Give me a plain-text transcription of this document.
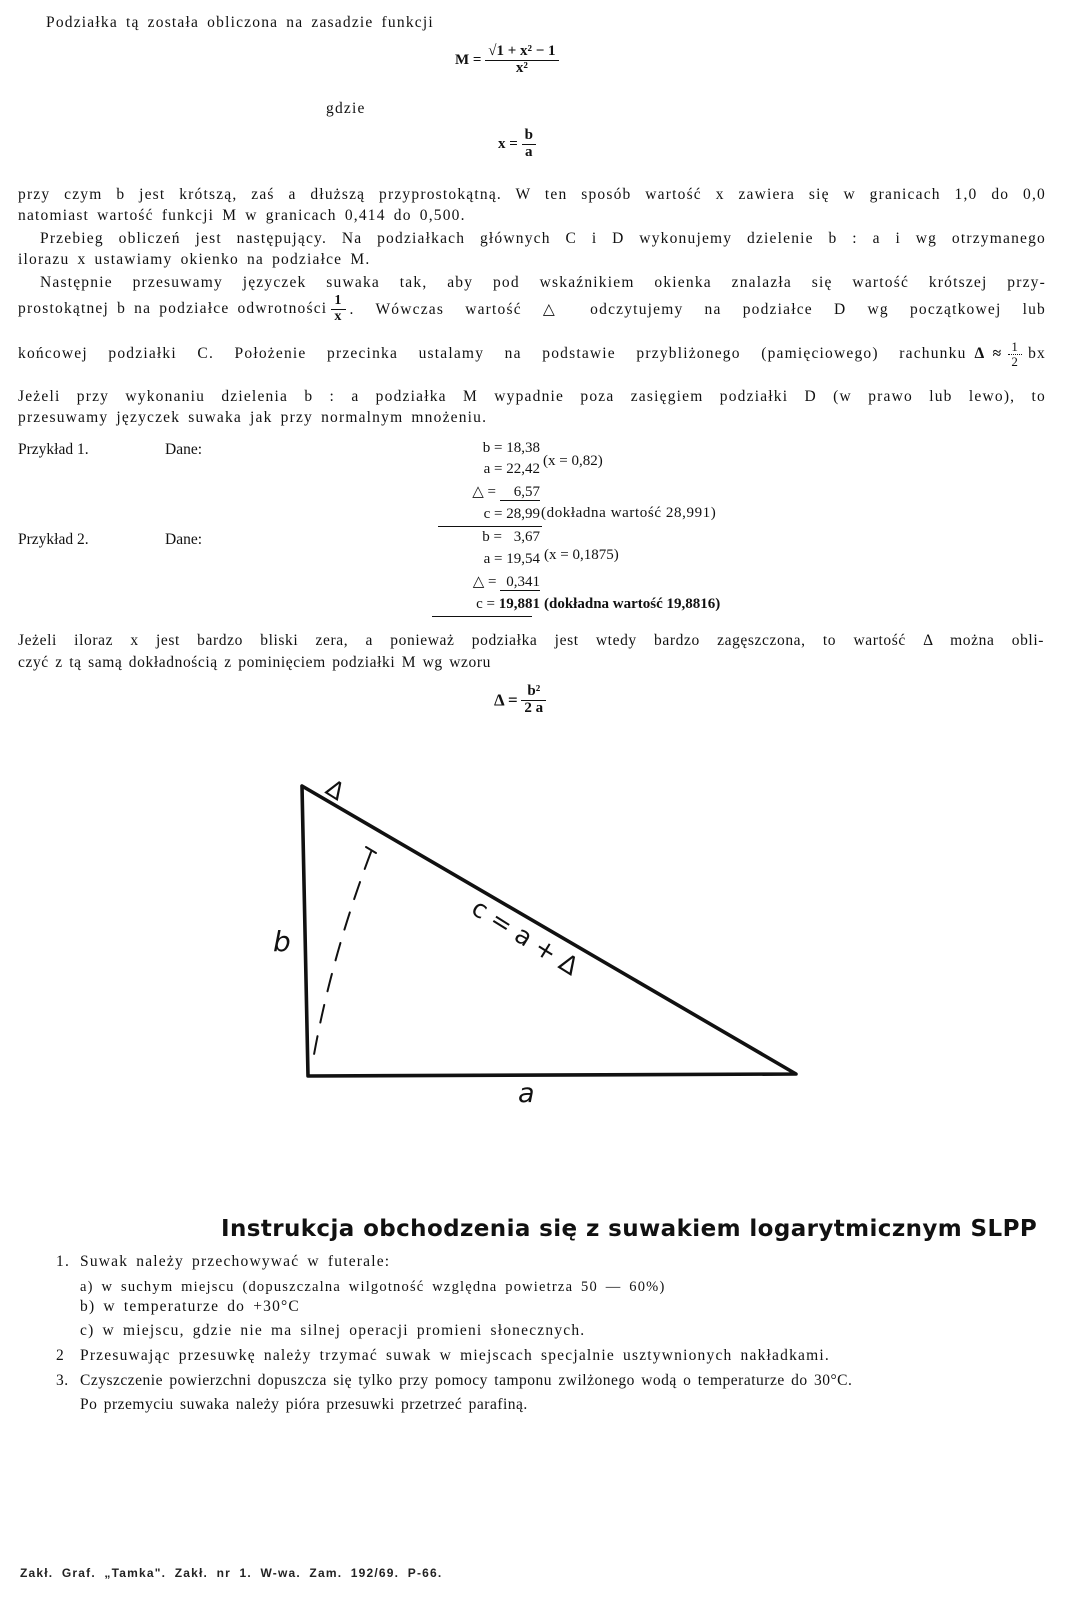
Podziałka tą została obliczona na zasadzie funkcji
$M = \frac{\text{√1 + x² − 1}}{\text{x²}}$
gdzie
$x = \frac{b}{a}$
przy czym b jest krótszą, zaś a dłuższą przyprostokątną. W ten sposób wartość x zawiera się w granicach 1,0 do 0,0
natomiast wartość funkcji M w granicach 0,414 do 0,500.
Przebieg obliczeń jest następujący. Na podziałkach głównych C i D wykonujemy dzielenie b : a i wg otrzymanego
ilorazu x ustawiamy okienko na podziałce M.
Następnie przesuwamy języczek suwaka tak, aby pod wskaźnikiem okienka znalazła się wartość krótszej przy-
prostokątnej b na podziałce odwrotności $\frac{1}{x}$ . Wówczas wartość △ odczytujemy na podziałce D wg początkowej lub
końcowej podziałki C. Położenie przecinka ustalamy na podstawie przybliżonego (pamięciowego) rachunku $\Delta \approx \frac{1}{2}$ bx
Jeżeli przy wykonaniu dzielenia b : a podziałka M wypadnie poza zasięgiem podziałki D (w prawo lub lewo), to
przesuwamy języczek suwaka jak przy normalnym mnożeniu.
Przykład 1.	Dane:	b = 18,38
a = 22,42 (x = 0,82)
△ = 6,57
c = 28,99 (dokładna wartość 28,991)
Przykład 2.	Dane:	b = 3,67
a = 19,54 (x = 0,1875)
△ = 0,341
c = 19,881 (dokładna wartość 19,8816)
Jeżeli iloraz x jest bardzo bliski zera, a ponieważ podziałka jest wtedy bardzo zagęszczona, to wartość Δ można obli-
czyć z tą samą dokładnością z pominięciem podziałki M wg wzoru
$\Delta = \frac{\text{b²}}{2 a}$
Δ
c = a + Δ
b
a
Instrukcja obchodzenia się z suwakiem logarytmicznym SLPP
1. Suwak należy przechowywać w futerale:
a) w suchym miejscu (dopuszczalna wilgotność względna powietrza 50 — 60%)
b) w temperaturze do +30°C
c) w miejscu, gdzie nie ma silnej operacji promieni słonecznych.
2 Przesuwając przesuwkę należy trzymać suwak w miejscach specjalnie usztywnionych nakładkami.
3. Czyszczenie powierzchni dopuszcza się tylko przy pomocy tamponu zwilżonego wodą o temperaturze do 30°C.
Po przemyciu suwaka należy pióra przesuwki przetrzeć parafiną.
Zakł. Graf. „Tamka". Zakł. nr 1. W-wa. Zam. 192/69. P-66.
